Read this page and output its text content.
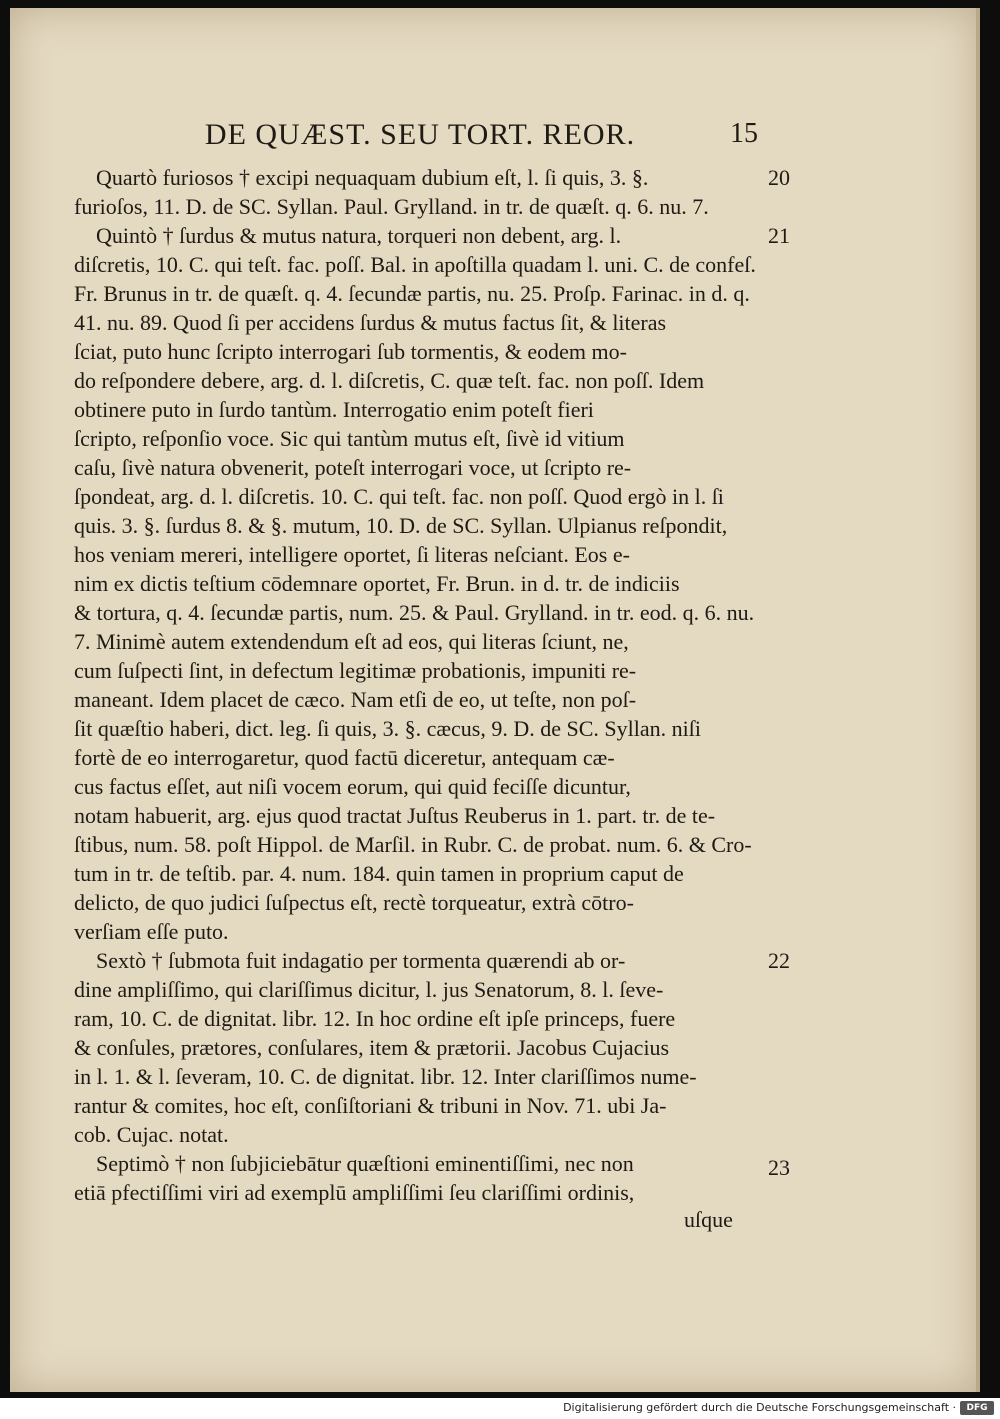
DE QUÆST. SEU TORT. REOR.	15
Quartò furiosos † excipi nequaquam dubium eſt, l. ſi quis, 3. §.
furioſos, 11. D. de SC. Syllan. Paul. Grylland. in tr. de quæſt. q. 6. nu. 7.
Quintò † ſurdus & mutus natura, torqueri non debent, arg. l.
diſcretis, 10. C. qui teſt. fac. poſſ. Bal. in apoſtilla quadam l. uni. C. de confeſ.
Fr. Brunus in tr. de quæſt. q. 4. ſecundæ partis, nu. 25. Proſp. Farinac. in d. q.
41. nu. 89. Quod ſi per accidens ſurdus & mutus factus ſit, & literas
ſciat, puto hunc ſcripto interrogari ſub tormentis, & eodem mo-
do reſpondere debere, arg. d. l. diſcretis, C. quæ teſt. fac. non poſſ. Idem
obtinere puto in ſurdo tantùm. Interrogatio enim poteſt fieri
ſcripto, reſponſio voce. Sic qui tantùm mutus eſt, ſivè id vitium
caſu, ſivè natura obvenerit, poteſt interrogari voce, ut ſcripto re-
ſpondeat, arg. d. l. diſcretis. 10. C. qui teſt. fac. non poſſ. Quod ergò in l. ſi
quis. 3. §. ſurdus 8. & §. mutum, 10. D. de SC. Syllan. Ulpianus reſpondit,
hos veniam mereri, intelligere oportet, ſi literas neſciant. Eos e-
nim ex dictis teſtium cōdemnare oportet, Fr. Brun. in d. tr. de indiciis
& tortura, q. 4. ſecundæ partis, num. 25. & Paul. Grylland. in tr. eod. q. 6. nu.
7. Minimè autem extendendum eſt ad eos, qui literas ſciunt, ne,
cum ſuſpecti ſint, in defectum legitimæ probationis, impuniti re-
maneant. Idem placet de cæco. Nam etſi de eo, ut teſte, non poſ-
ſit quæſtio haberi, dict. leg. ſi quis, 3. §. cæcus, 9. D. de SC. Syllan. niſi
fortè de eo interrogaretur, quod factū diceretur, antequam cæ-
cus factus eſſet, aut niſi vocem eorum, qui quid feciſſe dicuntur,
notam habuerit, arg. ejus quod tractat Juſtus Reuberus in 1. part. tr. de te-
ſtibus, num. 58. poſt Hippol. de Marſil. in Rubr. C. de probat. num. 6. & Cro-
tum in tr. de teſtib. par. 4. num. 184. quin tamen in proprium caput de
delicto, de quo judici ſuſpectus eſt, rectè torqueatur, extrà cōtro-
verſiam eſſe puto.
Sextò † ſubmota fuit indagatio per tormenta quærendi ab or-
dine ampliſſimo, qui clariſſimus dicitur, l. jus Senatorum, 8. l. ſeve-
ram, 10. C. de dignitat. libr. 12. In hoc ordine eſt ipſe princeps, fuere
& conſules, prætores, conſulares, item & prætorii. Jacobus Cujacius
in l. 1. & l. ſeveram, 10. C. de dignitat. libr. 12. Inter clariſſimos nume-
rantur & comites, hoc eſt, conſiſtoriani & tribuni in Nov. 71. ubi Ja-
cob. Cujac. notat.
Septimò † non ſubjiciebātur quæſtioni eminentiſſimi, nec non
etiā pfectiſſimi viri ad exemplū ampliſſimi ſeu clariſſimi ordinis,
20
21
22
23
uſque
Digitalisierung gefördert durch die Deutsche Forschungsgemeinschaft ·	DFG
